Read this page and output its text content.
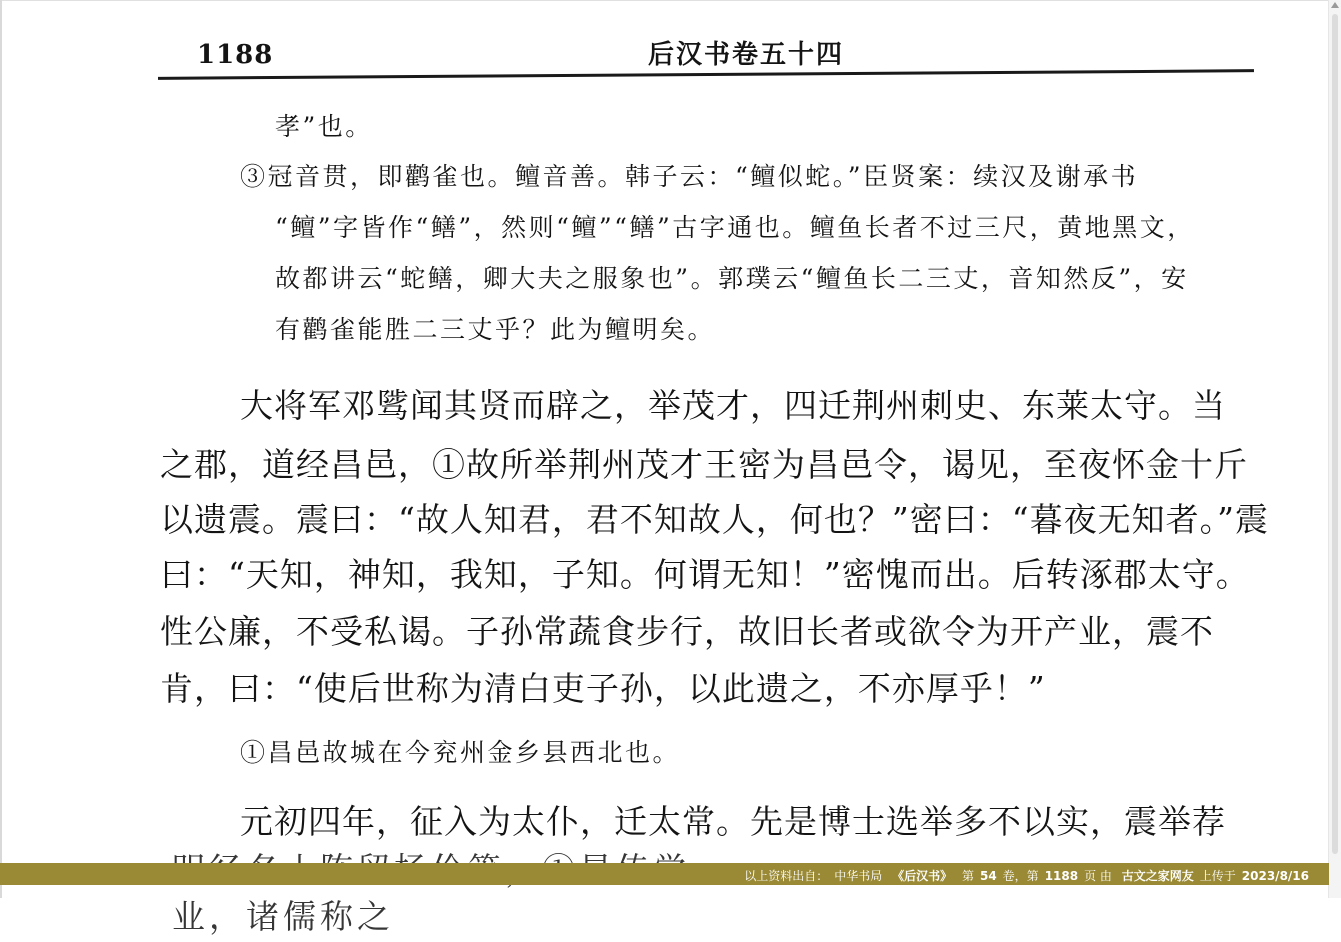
1188	后汉书卷五十四
孝”也。
③冠音贯，即鹳雀也。鳣音善。韩子云：“鳣似蛇。”臣贤案：续汉及谢承书
“鳣”字皆作“鳝”，然则“鳣”“鳝”古字通也。鳣鱼长者不过三尺，黄地黑文，
故都讲云“蛇鳝，卿大夫之服象也”。郭璞云“鳣鱼长二三丈，音知然反”，安
有鹳雀能胜二三丈乎？此为鳣明矣。
大将军邓骘闻其贤而辟之，举茂才，四迁荆州刺史、东莱太守。当
之郡，道经昌邑，①故所举荆州茂才王密为昌邑令，谒见，至夜怀金十斤
以遗震。震曰：“故人知君，君不知故人，何也？”密曰：“暮夜无知者。”震
曰：“天知，神知，我知，子知。何谓无知！”密愧而出。后转涿郡太守。
性公廉，不受私谒。子孙常蔬食步行，故旧长者或欲令为开产业，震不
肯，曰：“使后世称为清白吏子孙，以此遗之，不亦厚乎！”
①昌邑故城在今兖州金乡县西北也。
元初四年，征入为太仆，迁太常。先是博士选举多不以实，震举荐
业，诸儒称之
以上资料出自： 中华书局 《后汉书》 第 54 卷，第 1188 页 由 古文之家网友 上传于 2023/8/16
